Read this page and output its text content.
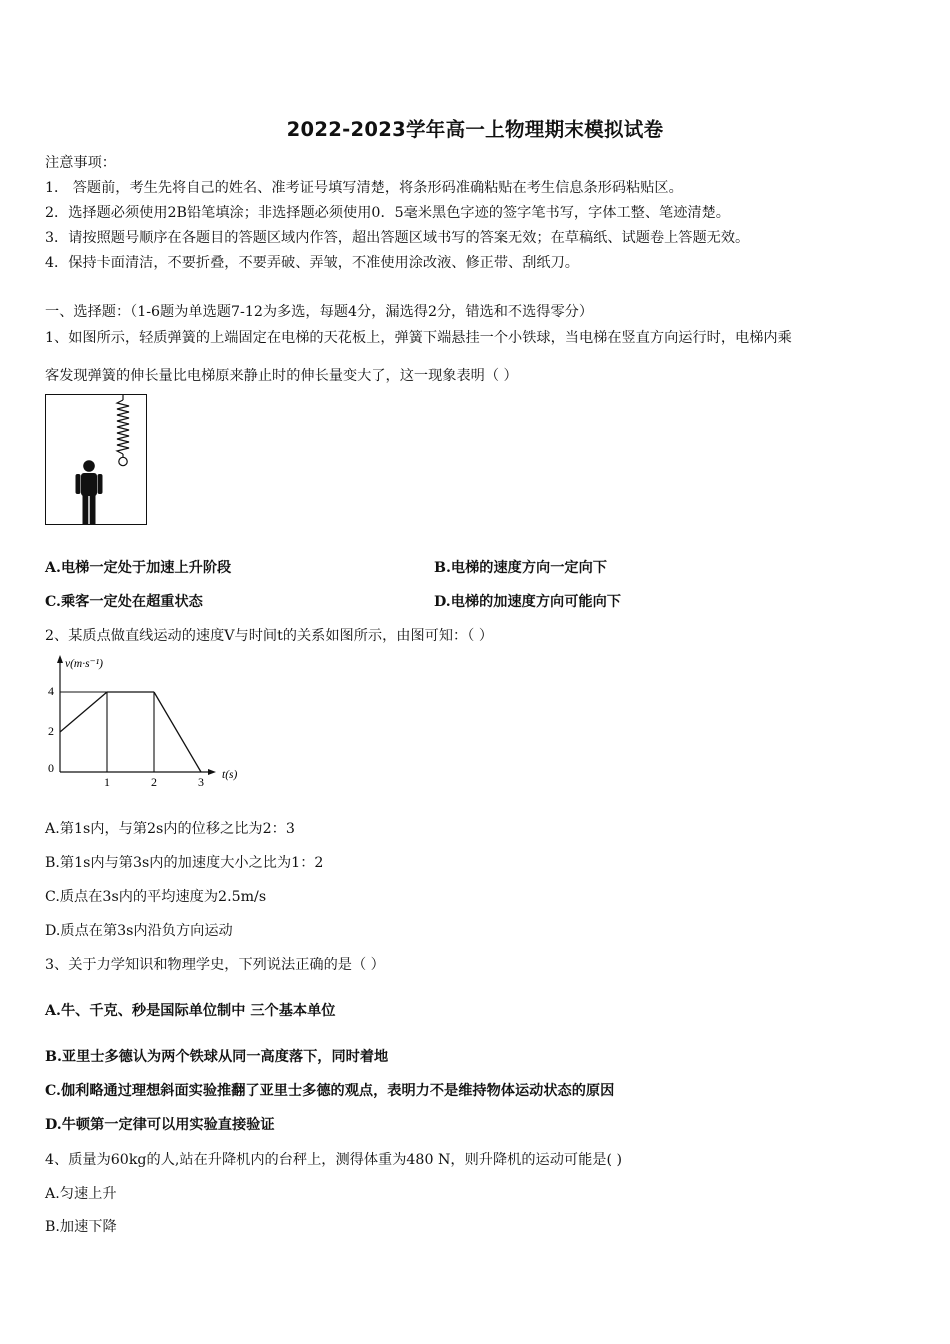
2022-2023学年高一上物理期末模拟试卷
注意事项：
1． 答题前，考生先将自己的姓名、准考证号填写清楚，将条形码准确粘贴在考生信息条形码粘贴区。
2．选择题必须使用2B铅笔填涂；非选择题必须使用0．5毫米黑色字迹的签字笔书写，字体工整、笔迹清楚。
3．请按照题号顺序在各题目的答题区域内作答，超出答题区域书写的答案无效；在草稿纸、试题卷上答题无效。
4．保持卡面清洁，不要折叠，不要弄破、弄皱，不准使用涂改液、修正带、刮纸刀。
一、选择题：（1-6题为单选题7-12为多选，每题4分，漏选得2分，错选和不选得零分）
1、如图所示，轻质弹簧的上端固定在电梯的天花板上，弹簧下端悬挂一个小铁球，当电梯在竖直方向运行时，电梯内乘
客发现弹簧的伸长量比电梯原来静止时的伸长量变大了，这一现象表明（ ）
A.电梯一定处于加速上升阶段	B.电梯的速度方向一定向下
C.乘客一定处在超重状态	D.电梯的加速度方向可能向下
2、某质点做直线运动的速度V与时间t的关系如图所示，由图可知：（ ）
v(m·s⁻¹)
t(s)
4
2
0
1	2	3
A.第1s内，与第2s内的位移之比为2：3
B.第1s内与第3s内的加速度大小之比为1：2
C.质点在3s内的平均速度为2.5m/s
D.质点在第3s内沿负方向运动
3、关于力学知识和物理学史，下列说法正确的是（ ）
A.牛、千克、秒是国际单位制中 三个基本单位
B.亚里士多德认为两个铁球从同一高度落下，同时着地
C.伽利略通过理想斜面实验推翻了亚里士多德的观点，表明力不是维持物体运动状态的原因
D.牛顿第一定律可以用实验直接验证
4、质量为60kg的人,站在升降机内的台秤上，测得体重为480 N，则升降机的运动可能是( )
A.匀速上升
B.加速下降
